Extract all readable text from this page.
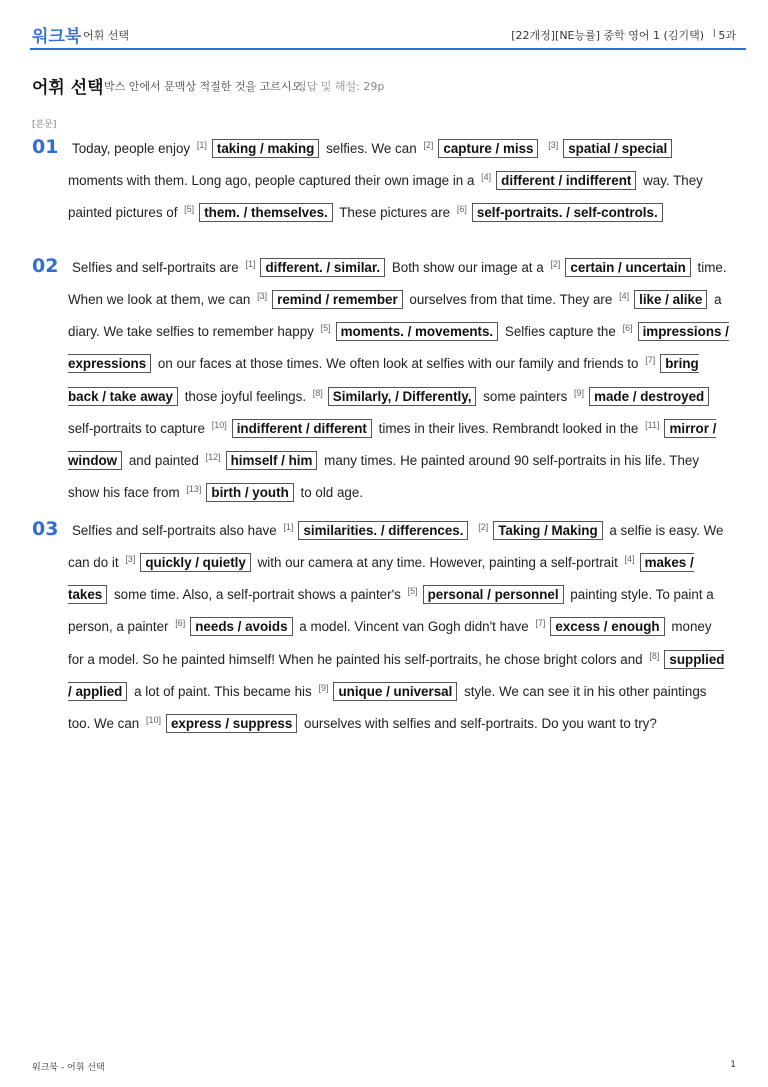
워크북 어휘 선택	[22개정][NE능률] 중학 영어 1 (김기택) I 5과
어휘 선택 박스 안에서 문맥상 적절한 것을 고르시오.
정답 및 해설: 29p
[본문]
01 Today, people enjoy [1] taking / making selfies. We can [2] capture / miss [3] spatial / special moments with them. Long ago, people captured their own image in a [4] different / indifferent way. They painted pictures of [5] them. / themselves. These pictures are [6] self-portraits. / self-controls.

02 Selfies and self-portraits are [1] different. / similar. Both show our image at a [2] certain / uncertain time. When we look at them, we can [3] remind / remember ourselves from that time. They are [4] like / alike a diary. We take selfies to remember happy [5] moments. / movements. Selfies capture the [6] impressions / expressions on our faces at those times. We often look at selfies with our family and friends to [7] bring back / take away those joyful feelings. [8] Similarly, / Differently, some painters [9] made / destroyed self-portraits to capture [10] indifferent / different times in their lives. Rembrandt looked in the [11] mirror / window and painted [12] himself / him many times. He painted around 90 self-portraits in his life. They show his face from [13] birth / youth to old age.

03 Selfies and self-portraits also have [1] similarities. / differences. [2] Taking / Making a selfie is easy. We can do it [3] quickly / quietly with our camera at any time. However, painting a self-portrait [4] makes / takes some time. Also, a self-portrait shows a painter's [5] personal / personnel painting style. To paint a person, a painter [6] needs / avoids a model. Vincent van Gogh didn't have [7] excess / enough money for a model. So he painted himself! When he painted his self-portraits, he chose bright colors and [8] supplied / applied a lot of paint. This became his [9] unique / universal style. We can see it in his other paintings too. We can [10] express / suppress ourselves with selfies and self-portraits. Do you want to try?

워크북 - 어휘 선택	1
